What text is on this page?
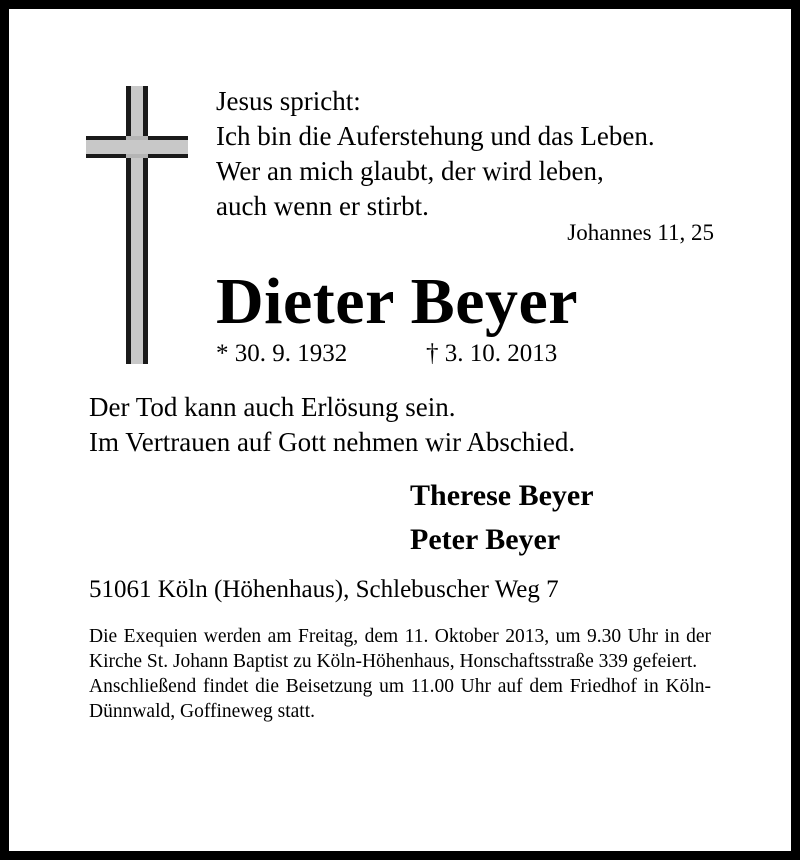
Jesus spricht:
Ich bin die Auferstehung und das Leben.
Wer an mich glaubt, der wird leben,
auch wenn er stirbt.
Johannes 11, 25
Dieter Beyer
* 30. 9. 1932	† 3. 10. 2013
Der Tod kann auch Erlösung sein.
Im Vertrauen auf Gott nehmen wir Abschied.
Therese Beyer
Peter Beyer
51061 Köln (Höhenhaus), Schlebuscher Weg 7

Die Exequien werden am Freitag, dem 11. Oktober 2013, um 9.30 Uhr in der Kirche St. Johann Baptist zu Köln-Höhenhaus, Honschaftsstraße 339 gefeiert.

Anschließend findet die Beisetzung um 11.00 Uhr auf dem Friedhof in Köln-Dünnwald, Goffineweg statt.
